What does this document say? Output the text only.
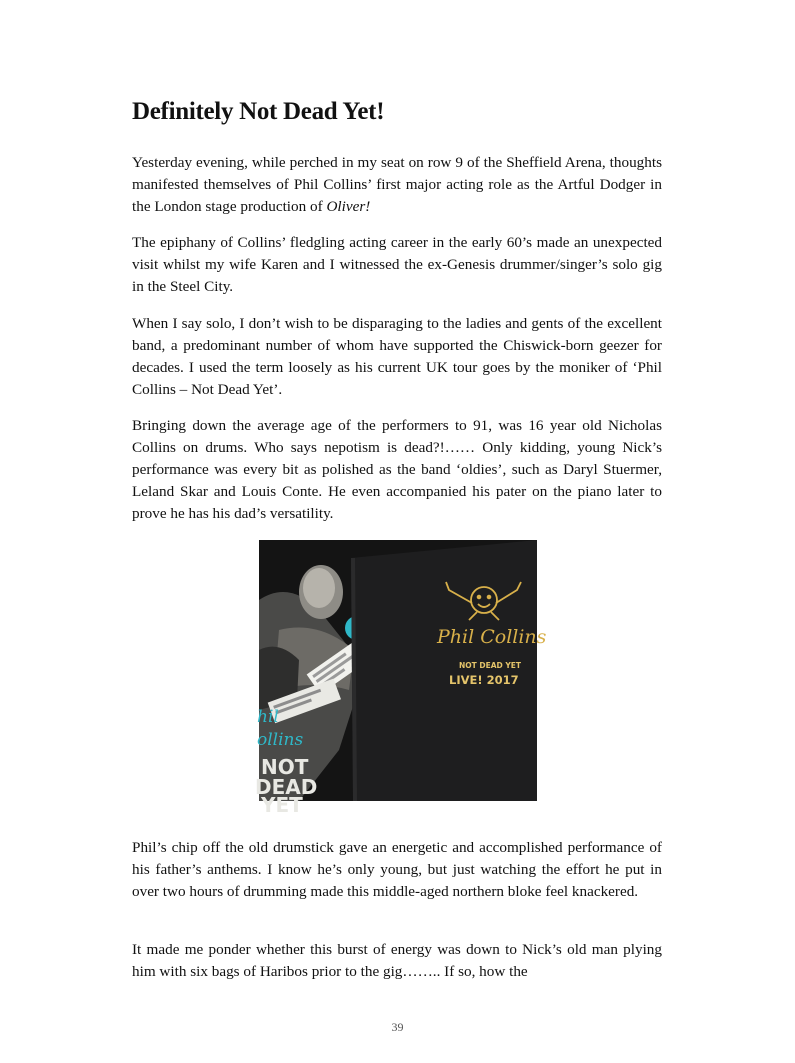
Definitely Not Dead Yet!

Yesterday evening, while perched in my seat on row 9 of the Sheffield Arena, thoughts manifested themselves of Phil Collins’ first major acting role as the Artful Dodger in the London stage production of Oliver!

The epiphany of Collins’ fledgling acting career in the early 60’s made an unexpected visit whilst my wife Karen and I witnessed the ex-Genesis drummer/singer’s solo gig in the Steel City.

When I say solo, I don’t wish to be disparaging to the ladies and gents of the excellent band, a predominant number of whom have supported the Chiswick-born geezer for decades. I used the term loosely as his current UK tour goes by the moniker of ‘Phil Collins – Not Dead Yet’.

Bringing down the average age of the performers to 91, was 16 year old Nicholas Collins on drums. Who says nepotism is dead?!…… Only kidding, young Nick’s performance was every bit as polished as the band ‘oldies’, such as Daryl Stuermer, Leland Skar and Louis Conte. He even accompanied his pater on the piano later to prove he has his dad’s versatility.

hil
ollins
NOT
DEAD
YET
Phil Collins
NOT DEAD YET
LIVE! 2017

Phil’s chip off the old drumstick gave an energetic and accomplished performance of his father’s anthems. I know he’s only young, but just watching the effort he put in over two hours of drumming made this middle-aged northern bloke feel knackered.

It made me ponder whether this burst of energy was down to Nick’s old man plying him with six bags of Haribos prior to the gig…….. If so, how the

39
